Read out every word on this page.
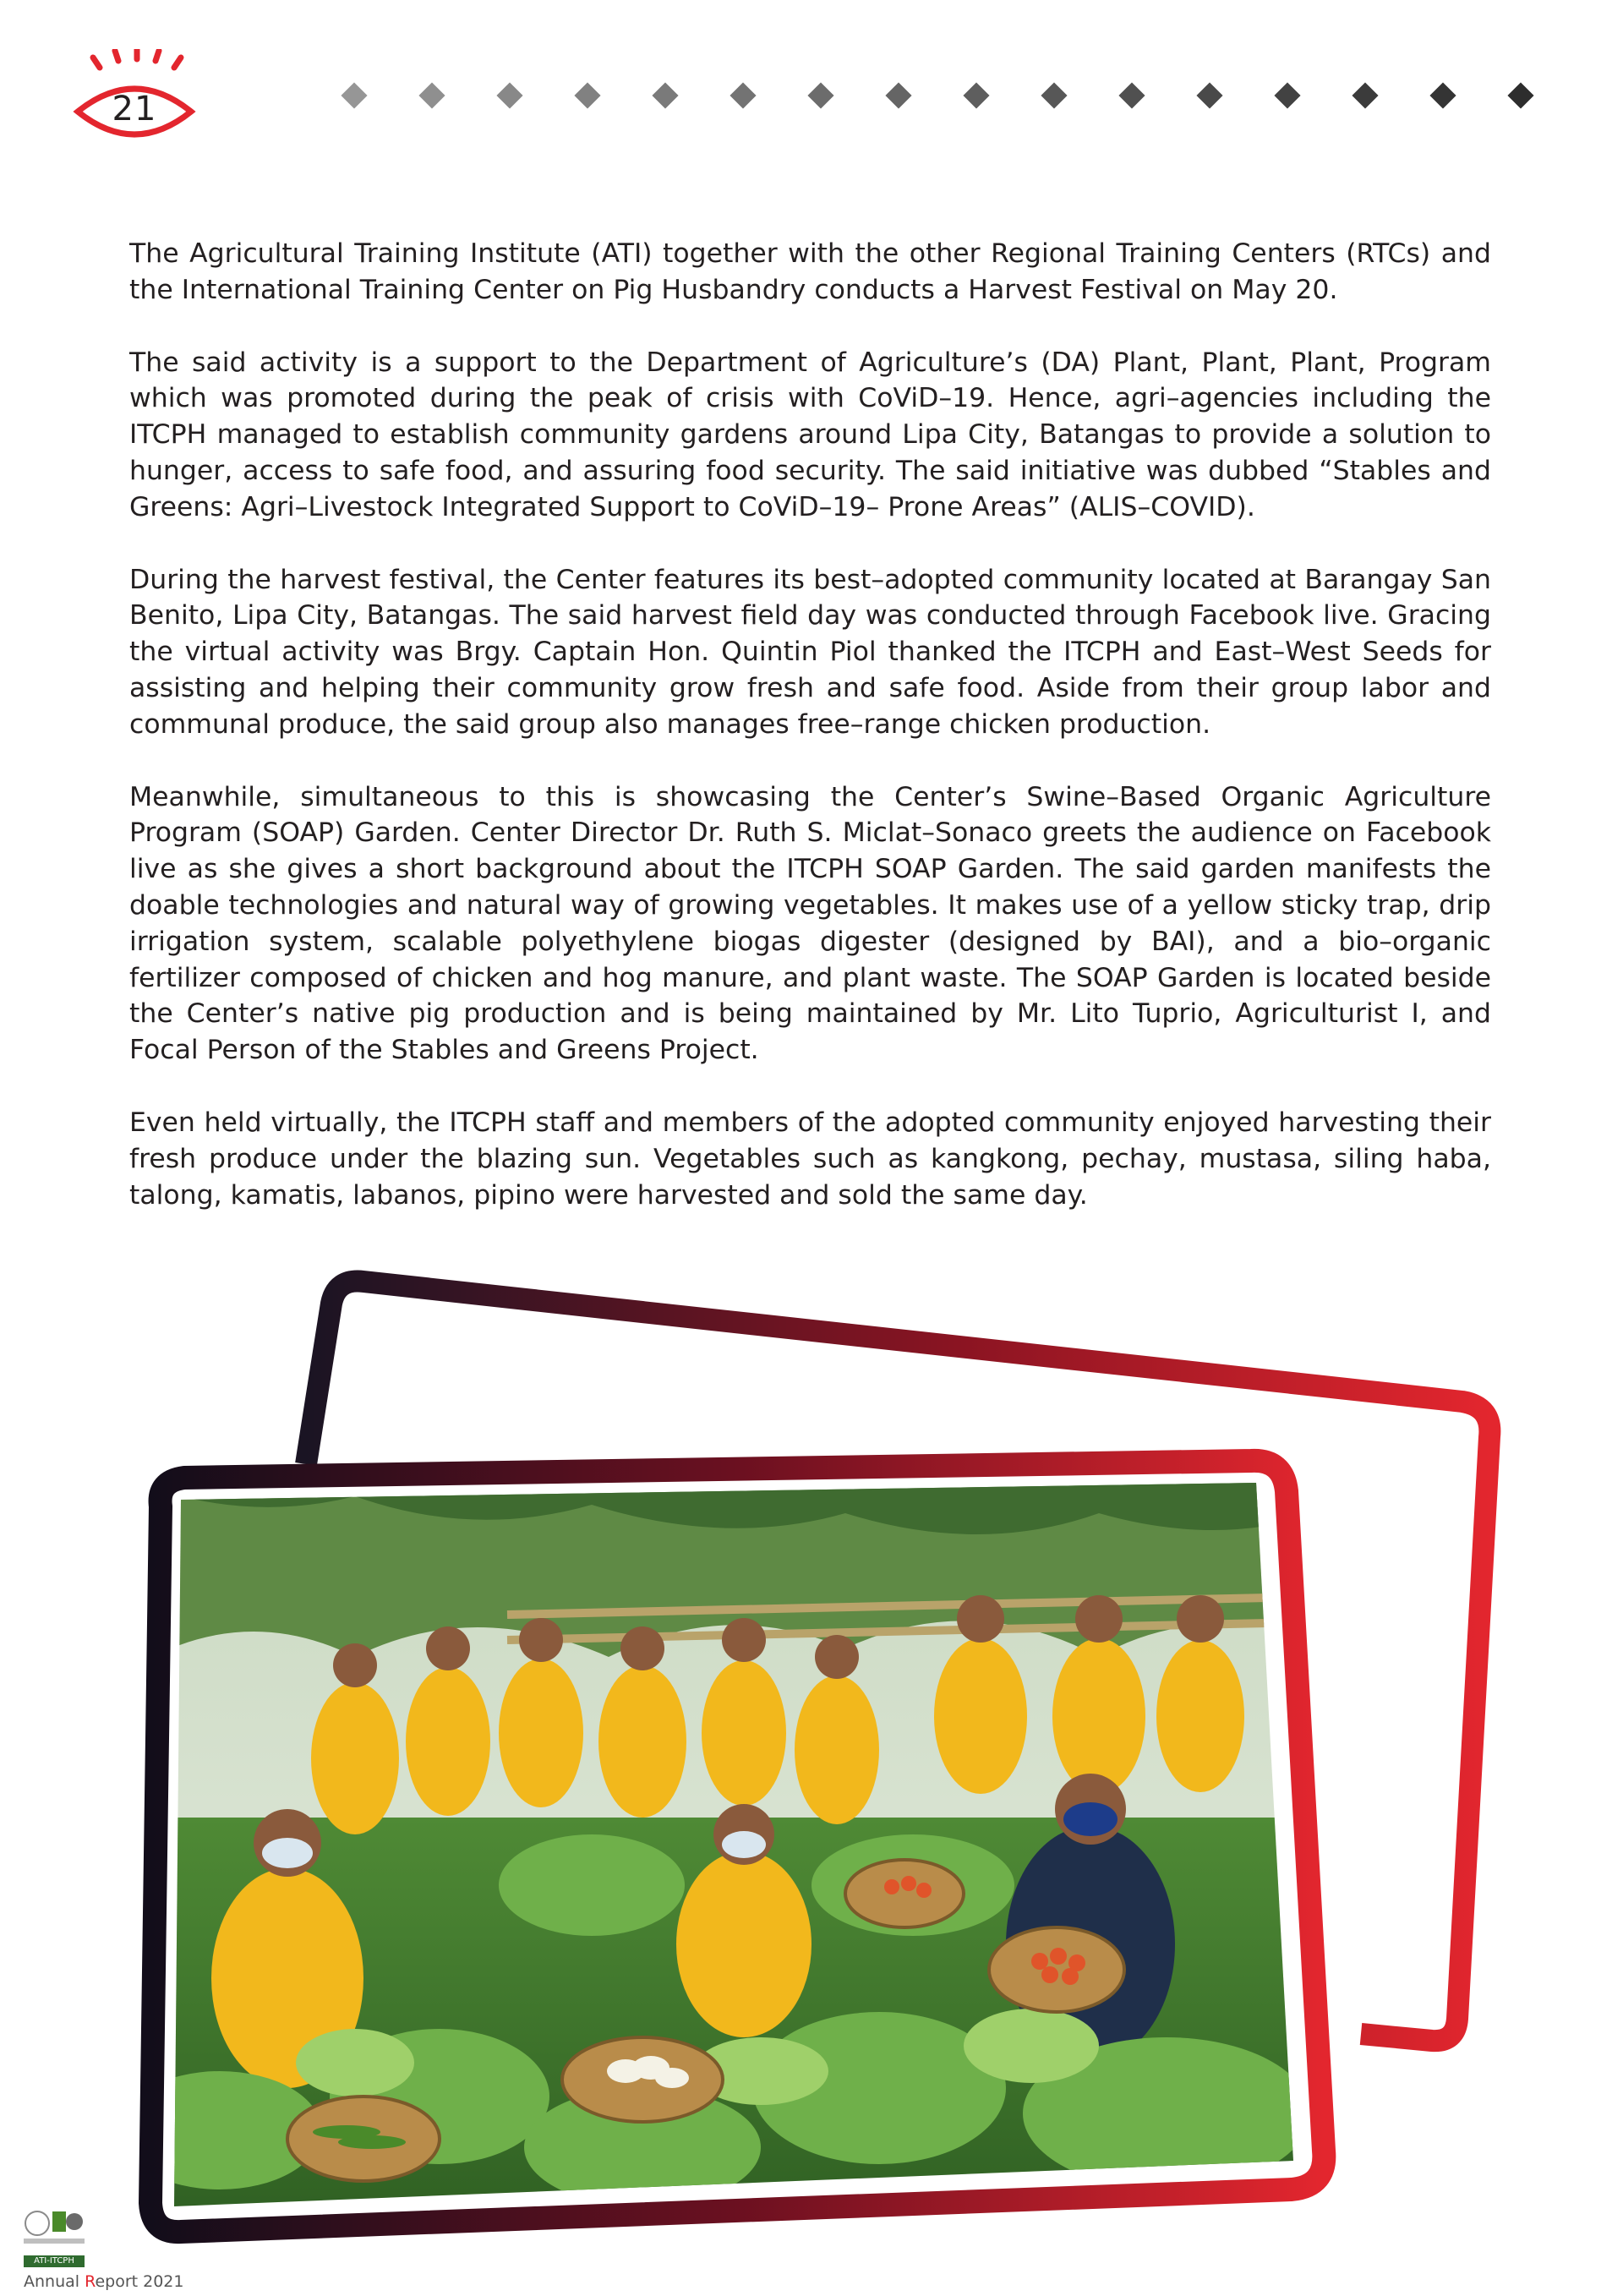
21

The Agricultural Training Institute (ATI) together with the other Regional Training Centers (RTCs) and the International Training Center on Pig Husbandry conducts a Harvest Festival on May 20.

The said activity is a support to the Department of Agriculture’s (DA) Plant, Plant, Plant, Program which was promoted during the peak of crisis with CoViD–19. Hence, agri–agencies including the ITCPH managed to establish community gardens around Lipa City, Batangas to provide a solution to hunger, access to safe food, and assuring food security. The said initiative was dubbed “Stables and Greens: Agri–Livestock Integrated Support to CoViD–19– Prone Areas” (ALIS–COVID).

During the harvest festival, the Center features its best–adopted community located at Barangay San Benito, Lipa City, Batangas. The said harvest field day was conducted through Facebook live. Gracing the virtual activity was Brgy. Captain Hon. Quintin Piol thanked the ITCPH and East–West Seeds for assisting and helping their community grow fresh and safe food. Aside from their group labor and communal produce, the said group also manages free–range chicken production.

Meanwhile, simultaneous to this is showcasing the Center’s Swine–Based Organic Agriculture Program (SOAP) Garden. Center Director Dr. Ruth S. Miclat–Sonaco greets the audience on Facebook live as she gives a short background about the ITCPH SOAP Garden. The said garden manifests the doable technologies and natural way of growing vegetables. It makes use of a yellow sticky trap, drip irrigation system, scalable polyethylene biogas digester (designed by BAI), and a bio–organic fertilizer composed of chicken and hog manure, and plant waste. The SOAP Garden is located beside the Center’s native pig production and is being maintained by Mr. Lito Tuprio, Agriculturist I, and Focal Person of the Stables and Greens Project.

Even held virtually, the ITCPH staff and members of the adopted community enjoyed harvesting their fresh produce under the blazing sun. Vegetables such as kangkong, pechay, mustasa, siling haba, talong, kamatis, labanos, pipino were harvested and sold the same day.

ATI-ITCPH
Annual Report 2021
